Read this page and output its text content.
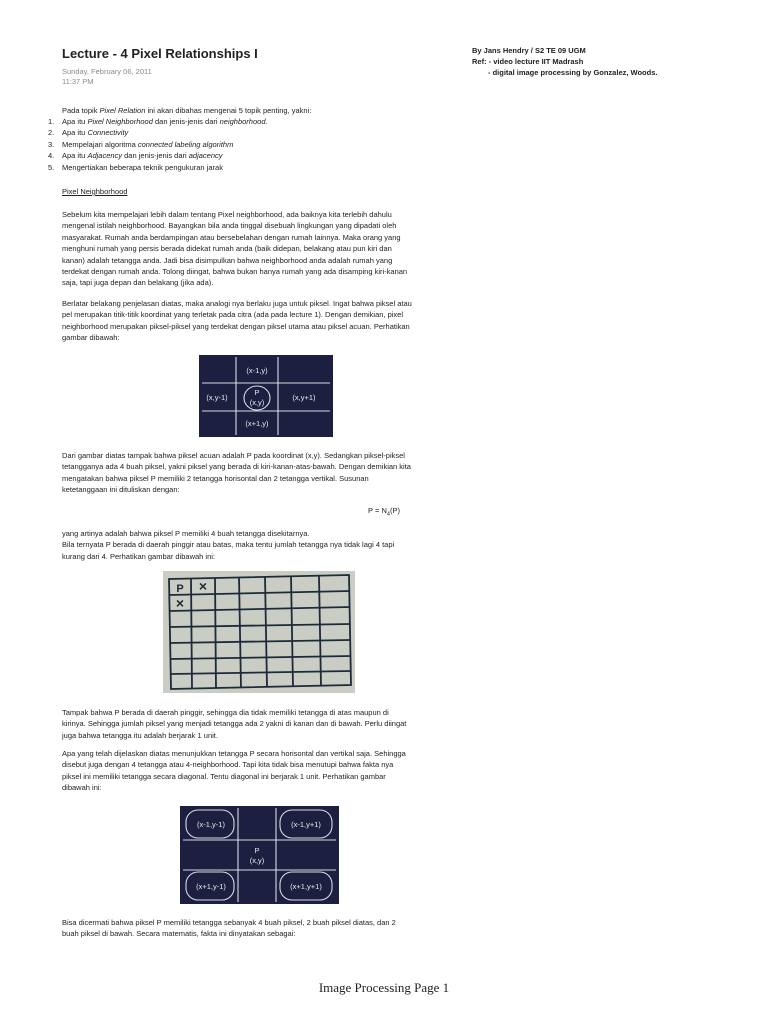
Lecture - 4 Pixel Relationships I
Sunday, February 06, 2011
11:37 PM
By Jans Hendry / S2 TE 09 UGM
Ref: - video lecture IIT Madrash
- digital image processing by Gonzalez, Woods.
Pada topik Pixel Relation ini akan dibahas mengenai 5 topik penting, yakni:
1.	Apa itu Pixel Neighborhood dan jenis-jenis dari neighborhood.
2.	Apa itu Connectivity
3.	Mempelajari algoritma connected labeling algorithm
4.	Apa itu Adjacency dan jenis-jenis dari adjacency
5.	Mengertiakan beberapa teknik pengukuran jarak
Pixel Neighborhood

Sebelum kita mempelajari lebih dalam tentang Pixel neighborhood, ada baiknya kita terlebih dahulu

mengenal istilah neighborhood. Bayangkan bila anda tinggal disebuah lingkungan yang dipadati oleh

masyarakat. Rumah anda berdampingan atau bersebelahan dengan rumah lainnya. Maka orang yang

menghuni rumah yang persis berada didekat rumah anda (baik didepan, belakang atau pun kiri dan

kanan) adalah tetangga anda. Jadi bisa disimpulkan bahwa neighborhood anda adalah rumah yang

terdekat dengan rumah anda. Tolong diingat, bahwa bukan hanya rumah yang ada disamping kiri-kanan

saja, tapi juga depan dan belakang (jika ada).

Berlatar belakang penjelasan diatas, maka analogi nya berlaku juga untuk piksel. Ingat bahwa piksel atau

pel merupakan titik-titik koordinat yang terletak pada citra (ada pada lecture 1). Dengan demikian, pixel

neighborhood merupakan piksel-piksel yang terdekat dengan piksel utama atau piksel acuan. Perhatikan

gambar dibawah:

(x-1,y)
(x,y-1)
P
(x,y)
(x,y+1)
(x+1,y)

Dari gambar diatas tampak bahwa piksel acuan adalah P pada koordinat (x,y). Sedangkan piksel-piksel

tetangganya ada 4 buah piksel, yakni piksel yang berada di kiri-kanan-atas-bawah. Dengan demikian kita

mengatakan bahwa piksel P memiliki 2 tetangga horisontal dan 2 tetangga vertikal. Susunan

ketetanggaan ini dituliskan dengan:

$P = N_4(P)$

yang artinya adalah bahwa piksel P memiliki 4 buah tetangga disekitarnya.

Bila ternyata P berada di daerah pinggir atau batas, maka tentu jumlah tetangga nya tidak lagi 4 tapi

kurang dari 4. Perhatikan gambar dibawah ini:

P ×
×

Tampak bahwa P berada di daerah pinggir, sehingga dia tidak memiliki tetangga di atas maupun di

kirinya. Sehingga jumlah piksel yang menjadi tetangga ada 2 yakni di kanan dan di bawah. Perlu diingat

juga bahwa tetangga itu adalah berjarak 1 unit.

Apa yang telah dijelaskan diatas menunjukkan tetangga P secara horisontal dan vertikal saja. Sehingga

disebut juga dengan 4 tetangga atau 4-neighborhood. Tapi kita tidak bisa menutupi bahwa fakta nya

piksel ini memiliki tetangga secara diagonal. Tentu diagonal ini berjarak 1 unit. Perhatikan gambar

dibawah ini:

(x-1,y-1)	(x-1,y+1)
P
(x,y)
(x+1,y-1)	(x+1,y+1)

Bisa dicermati bahwa piksel P memiliki tetangga sebanyak 4 buah piksel, 2 buah piksel diatas, dan 2

buah piksel di bawah. Secara matematis, fakta ini dinyatakan sebagai:

Image Processing Page 1
